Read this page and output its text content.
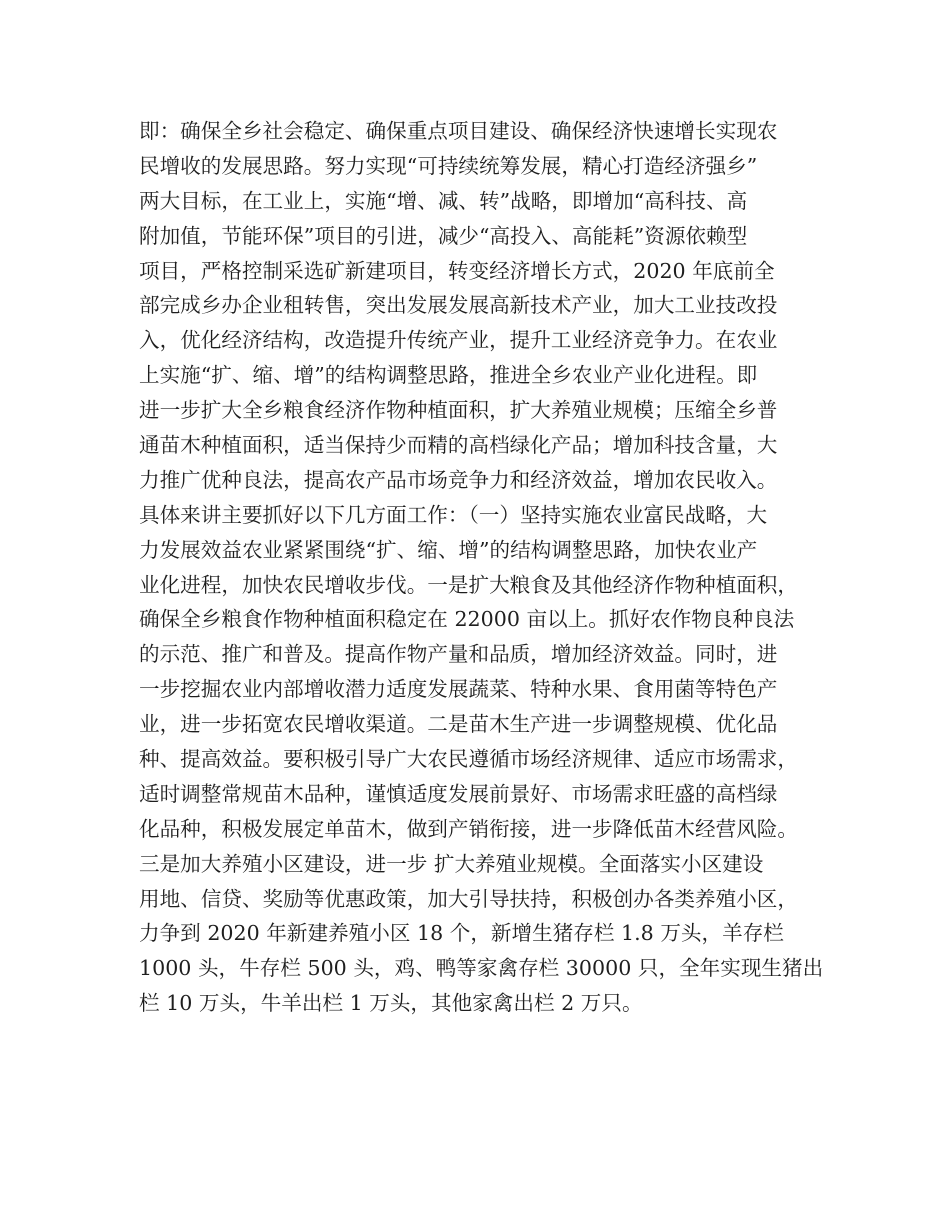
即：确保全乡社会稳定、确保重点项目建设、确保经济快速增长实现农
民增收的发展思路。努力实现“可持续统筹发展，精心打造经济强乡”
两大目标，在工业上，实施“增、减、转”战略，即增加“高科技、高
附加值，节能环保”项目的引进，减少“高投入、高能耗”资源依赖型
项目，严格控制采选矿新建项目，转变经济增长方式，2020 年底前全
部完成乡办企业租转售，突出发展发展高新技术产业，加大工业技改投
入，优化经济结构，改造提升传统产业，提升工业经济竞争力。在农业
上实施“扩、缩、增”的结构调整思路，推进全乡农业产业化进程。即
进一步扩大全乡粮食经济作物种植面积，扩大养殖业规模；压缩全乡普
通苗木种植面积，适当保持少而精的高档绿化产品；增加科技含量，大
力推广优种良法，提高农产品市场竞争力和经济效益，增加农民收入。
具体来讲主要抓好以下几方面工作：（一）坚持实施农业富民战略，大
力发展效益农业紧紧围绕“扩、缩、增”的结构调整思路，加快农业产
业化进程，加快农民增收步伐。一是扩大粮食及其他经济作物种植面积，
确保全乡粮食作物种植面积稳定在 22000 亩以上。抓好农作物良种良法
的示范、推广和普及。提高作物产量和品质，增加经济效益。同时，进
一步挖掘农业内部增收潜力适度发展蔬菜、特种水果、食用菌等特色产
业，进一步拓宽农民增收渠道。二是苗木生产进一步调整规模、优化品
种、提高效益。要积极引导广大农民遵循市场经济规律、适应市场需求，
适时调整常规苗木品种，谨慎适度发展前景好、市场需求旺盛的高档绿
化品种，积极发展定单苗木，做到产销衔接，进一步降低苗木经营风险。
三是加大养殖小区建设，进一步 扩大养殖业规模。全面落实小区建设
用地、信贷、奖励等优惠政策，加大引导扶持，积极创办各类养殖小区，
力争到 2020 年新建养殖小区 18 个，新增生猪存栏 1.8 万头，羊存栏
1000 头，牛存栏 500 头，鸡、鸭等家禽存栏 30000 只，全年实现生猪出
栏 10 万头，牛羊出栏 1 万头，其他家禽出栏 2 万只。
